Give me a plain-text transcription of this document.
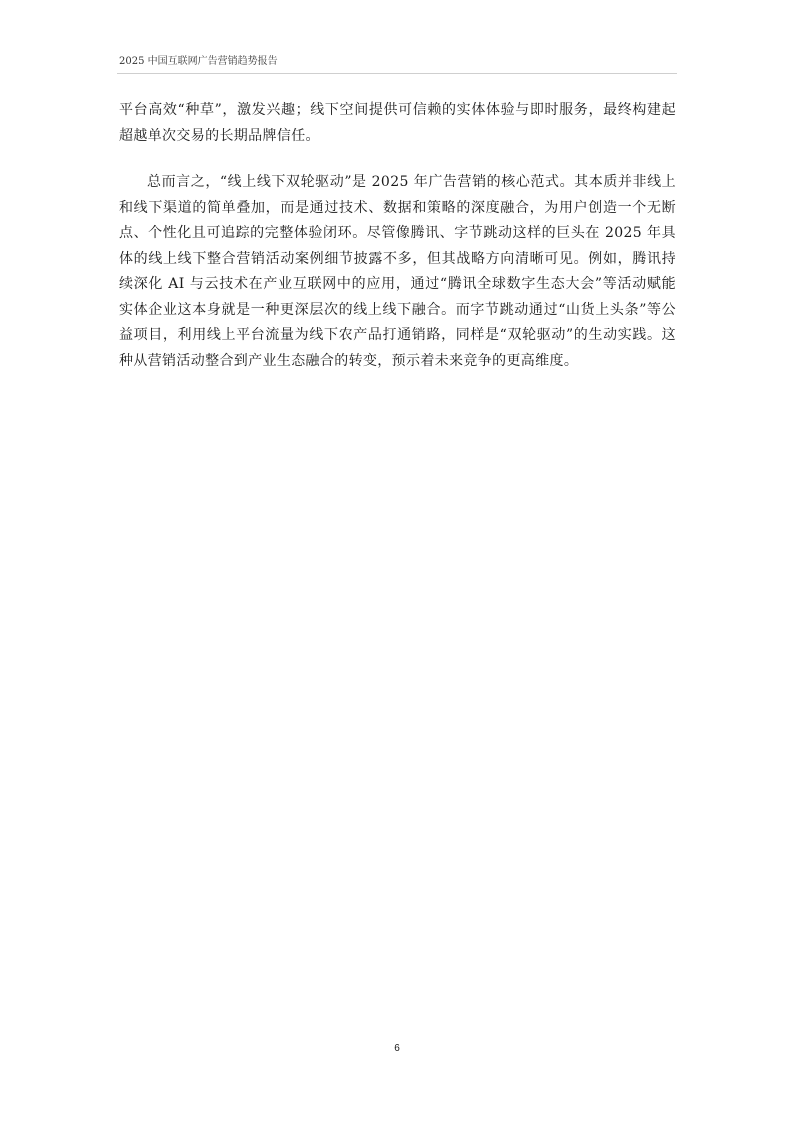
2025 中国互联网广告营销趋势报告

平台高效“种草”，激发兴趣；线下空间提供可信赖的实体体验与即时服务，最终构建起超越单次交易的长期品牌信任。

总而言之，“线上线下双轮驱动”是 2025 年广告营销的核心范式。其本质并非线上和线下渠道的简单叠加，而是通过技术、数据和策略的深度融合，为用户创造一个无断点、个性化且可追踪的完整体验闭环。尽管像腾讯、字节跳动这样的巨头在 2025 年具体的线上线下整合营销活动案例细节披露不多，但其战略方向清晰可见。例如，腾讯持续深化 AI 与云技术在产业互联网中的应用，通过“腾讯全球数字生态大会”等活动赋能实体企业这本身就是一种更深层次的线上线下融合。而字节跳动通过“山货上头条”等公益项目，利用线上平台流量为线下农产品打通销路，同样是“双轮驱动”的生动实践。这种从营销活动整合到产业生态融合的转变，预示着未来竞争的更高维度。

6
